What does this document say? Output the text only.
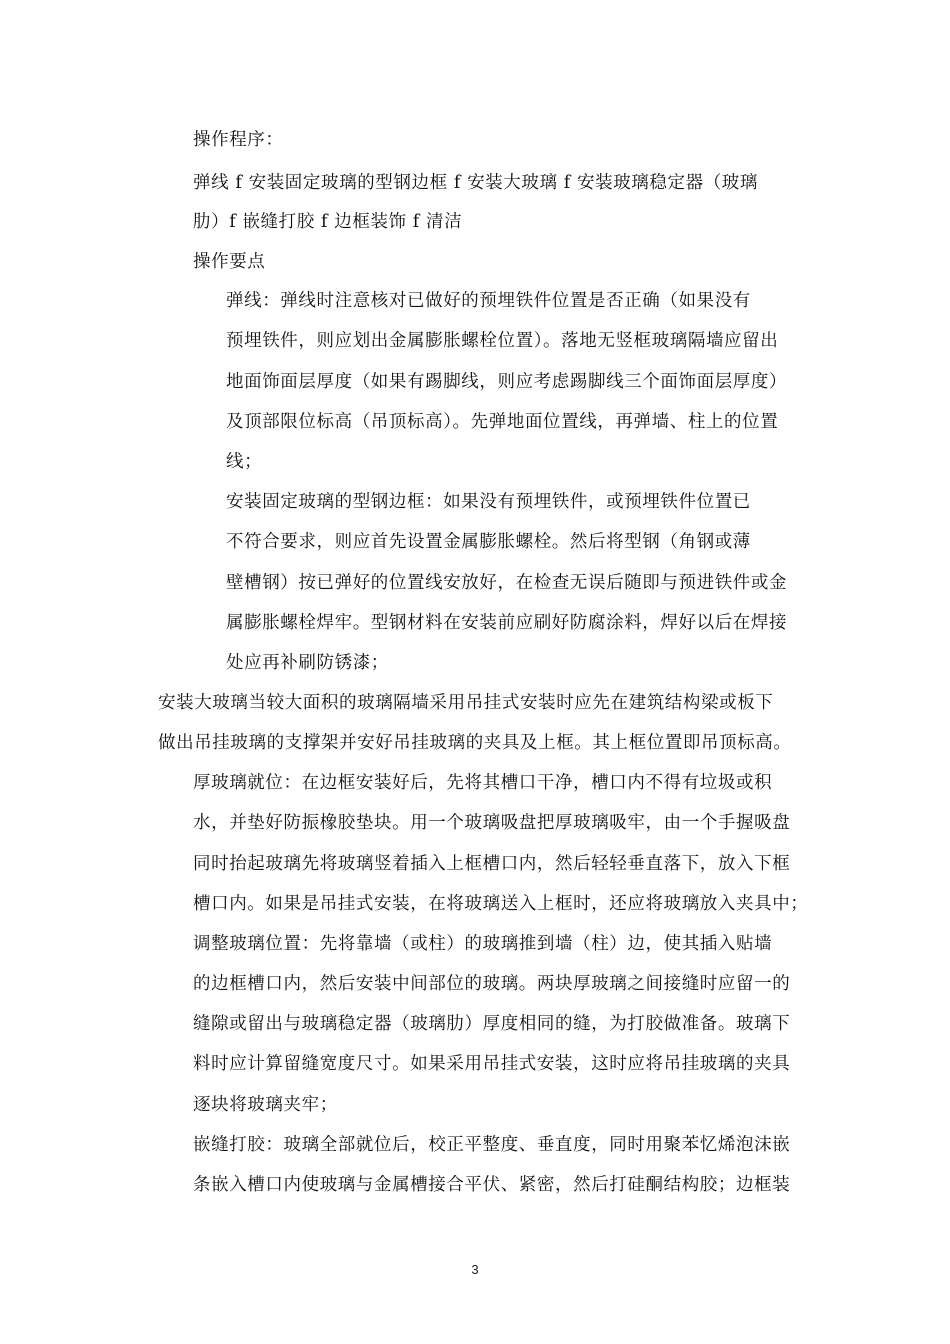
操作程序：
弹线 f 安装固定玻璃的型钢边框 f 安装大玻璃 f 安装玻璃稳定器（玻璃
肋）f 嵌缝打胶 f 边框装饰 f 清洁
操作要点
弹线：弹线时注意核对已做好的预埋铁件位置是否正确（如果没有
预埋铁件，则应划出金属膨胀螺栓位置）。落地无竖框玻璃隔墙应留出
地面饰面层厚度（如果有踢脚线，则应考虑踢脚线三个面饰面层厚度）
及顶部限位标高（吊顶标高）。先弹地面位置线，再弹墙、柱上的位置
线；
安装固定玻璃的型钢边框：如果没有预埋铁件，或预埋铁件位置已
不符合要求，则应首先设置金属膨胀螺栓。然后将型钢（角钢或薄
壁槽钢）按已弹好的位置线安放好，在检查无误后随即与预进铁件或金
属膨胀螺栓焊牢。型钢材料在安装前应刷好防腐涂料，焊好以后在焊接
处应再补刷防锈漆；
安装大玻璃当较大面积的玻璃隔墙采用吊挂式安装时应先在建筑结构梁或板下
做出吊挂玻璃的支撑架并安好吊挂玻璃的夹具及上框。其上框位置即吊顶标高。
厚玻璃就位：在边框安装好后，先将其槽口干净，槽口内不得有垃圾或积
水，并垫好防振橡胶垫块。用一个玻璃吸盘把厚玻璃吸牢，由一个手握吸盘
同时抬起玻璃先将玻璃竖着插入上框槽口内，然后轻轻垂直落下，放入下框
槽口内。如果是吊挂式安装，在将玻璃送入上框时，还应将玻璃放入夹具中；
调整玻璃位置：先将靠墙（或柱）的玻璃推到墙（柱）边，使其插入贴墙
的边框槽口内，然后安装中间部位的玻璃。两块厚玻璃之间接缝时应留一的
缝隙或留出与玻璃稳定器（玻璃肋）厚度相同的缝，为打胶做准备。玻璃下
料时应计算留缝宽度尺寸。如果采用吊挂式安装，这时应将吊挂玻璃的夹具
逐块将玻璃夹牢；
嵌缝打胶：玻璃全部就位后，校正平整度、垂直度，同时用聚苯忆烯泡沫嵌
条嵌入槽口内使玻璃与金属槽接合平伏、紧密，然后打硅酮结构胶；边框装
3
